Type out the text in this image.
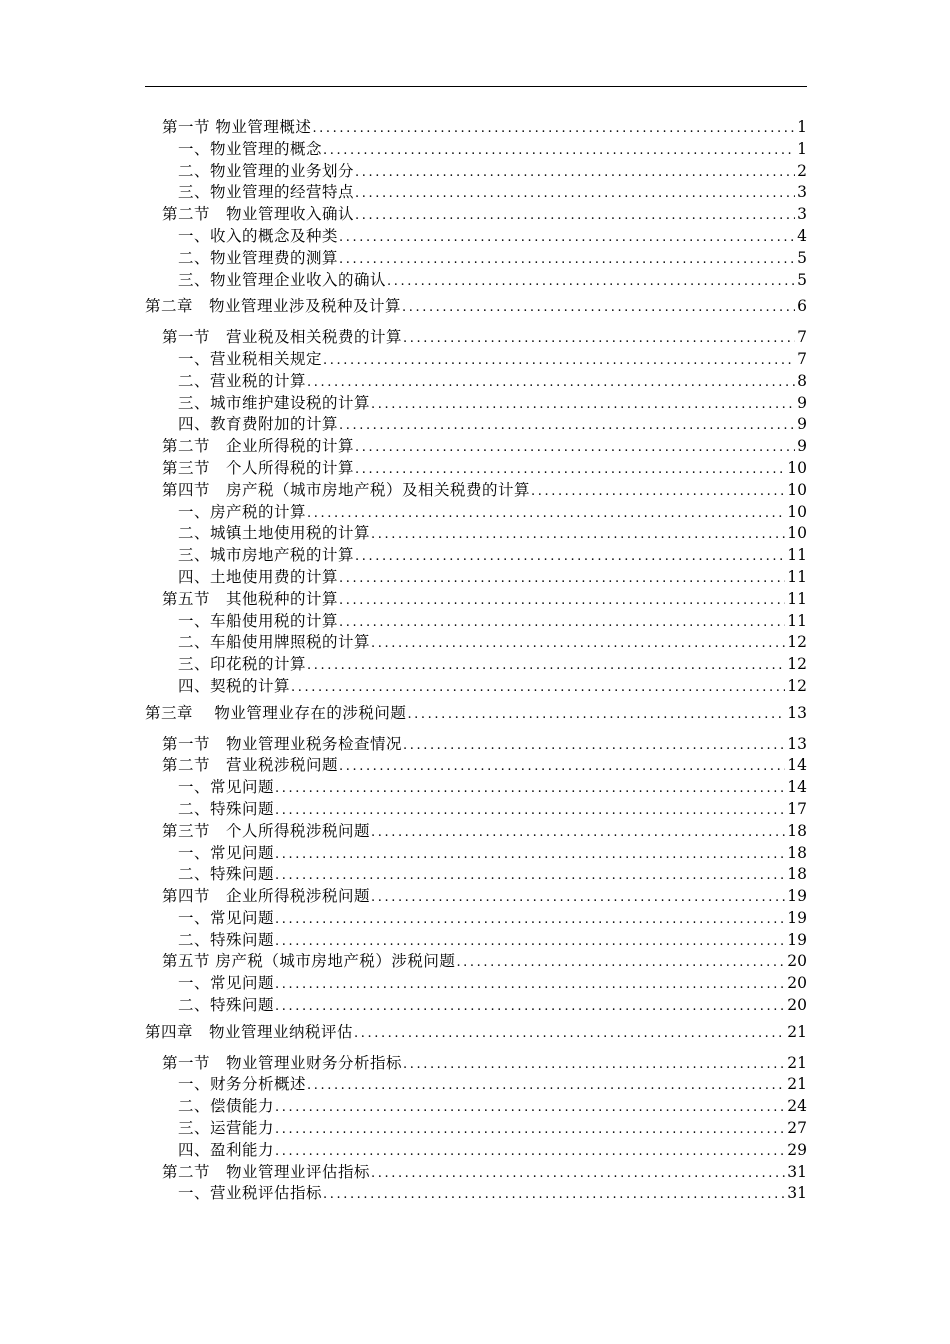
第一节 物业管理概述 .....	1
一、物业管理的概念 .....	1
二、物业管理的业务划分 .....	2
三、物业管理的经营特点 .....	3
第二节　物业管理收入确认 .....	3
一、收入的概念及种类 .....	4
二、物业管理费的测算 .....	5
三、物业管理企业收入的确认 .....	5
第二章　物业管理业涉及税种及计算 .....	6
第一节　营业税及相关税费的计算 .....	7
一、营业税相关规定 .....	7
二、营业税的计算 .....	8
三、城市维护建设税的计算 .....	9
四、教育费附加的计算 .....	9
第二节　企业所得税的计算 .....	9
第三节　个人所得税的计算 .....	10
第四节　房产税（城市房地产税）及相关税费的计算 .....	10
一、房产税的计算 .....	10
二、城镇土地使用税的计算 .....	10
三、城市房地产税的计算 .....	11
四、土地使用费的计算 .....	11
第五节　其他税种的计算 .....	11
一、车船使用税的计算 .....	11
二、车船使用牌照税的计算 .....	12
三、印花税的计算 .....	12
四、契税的计算 .....	12
第三章　 物业管理业存在的涉税问题 .....	13
第一节　物业管理业税务检查情况 .....	13
第二节　营业税涉税问题 .....	14
一、常见问题 .....	14
二、特殊问题 .....	17
第三节　个人所得税涉税问题 .....	18
一、常见问题 .....	18
二、特殊问题 .....	18
第四节　企业所得税涉税问题 .....	19
一、常见问题 .....	19
二、特殊问题 .....	19
第五节 房产税（城市房地产税）涉税问题 .....	20
一、常见问题 .....	20
二、特殊问题 .....	20
第四章　物业管理业纳税评估 .....	21
第一节　物业管理业财务分析指标 .....	21
一、财务分析概述 .....	21
二、偿债能力 .....	24
三、运营能力 .....	27
四、盈利能力 .....	29
第二节　物业管理业评估指标 .....	31
一、营业税评估指标 .....	31
